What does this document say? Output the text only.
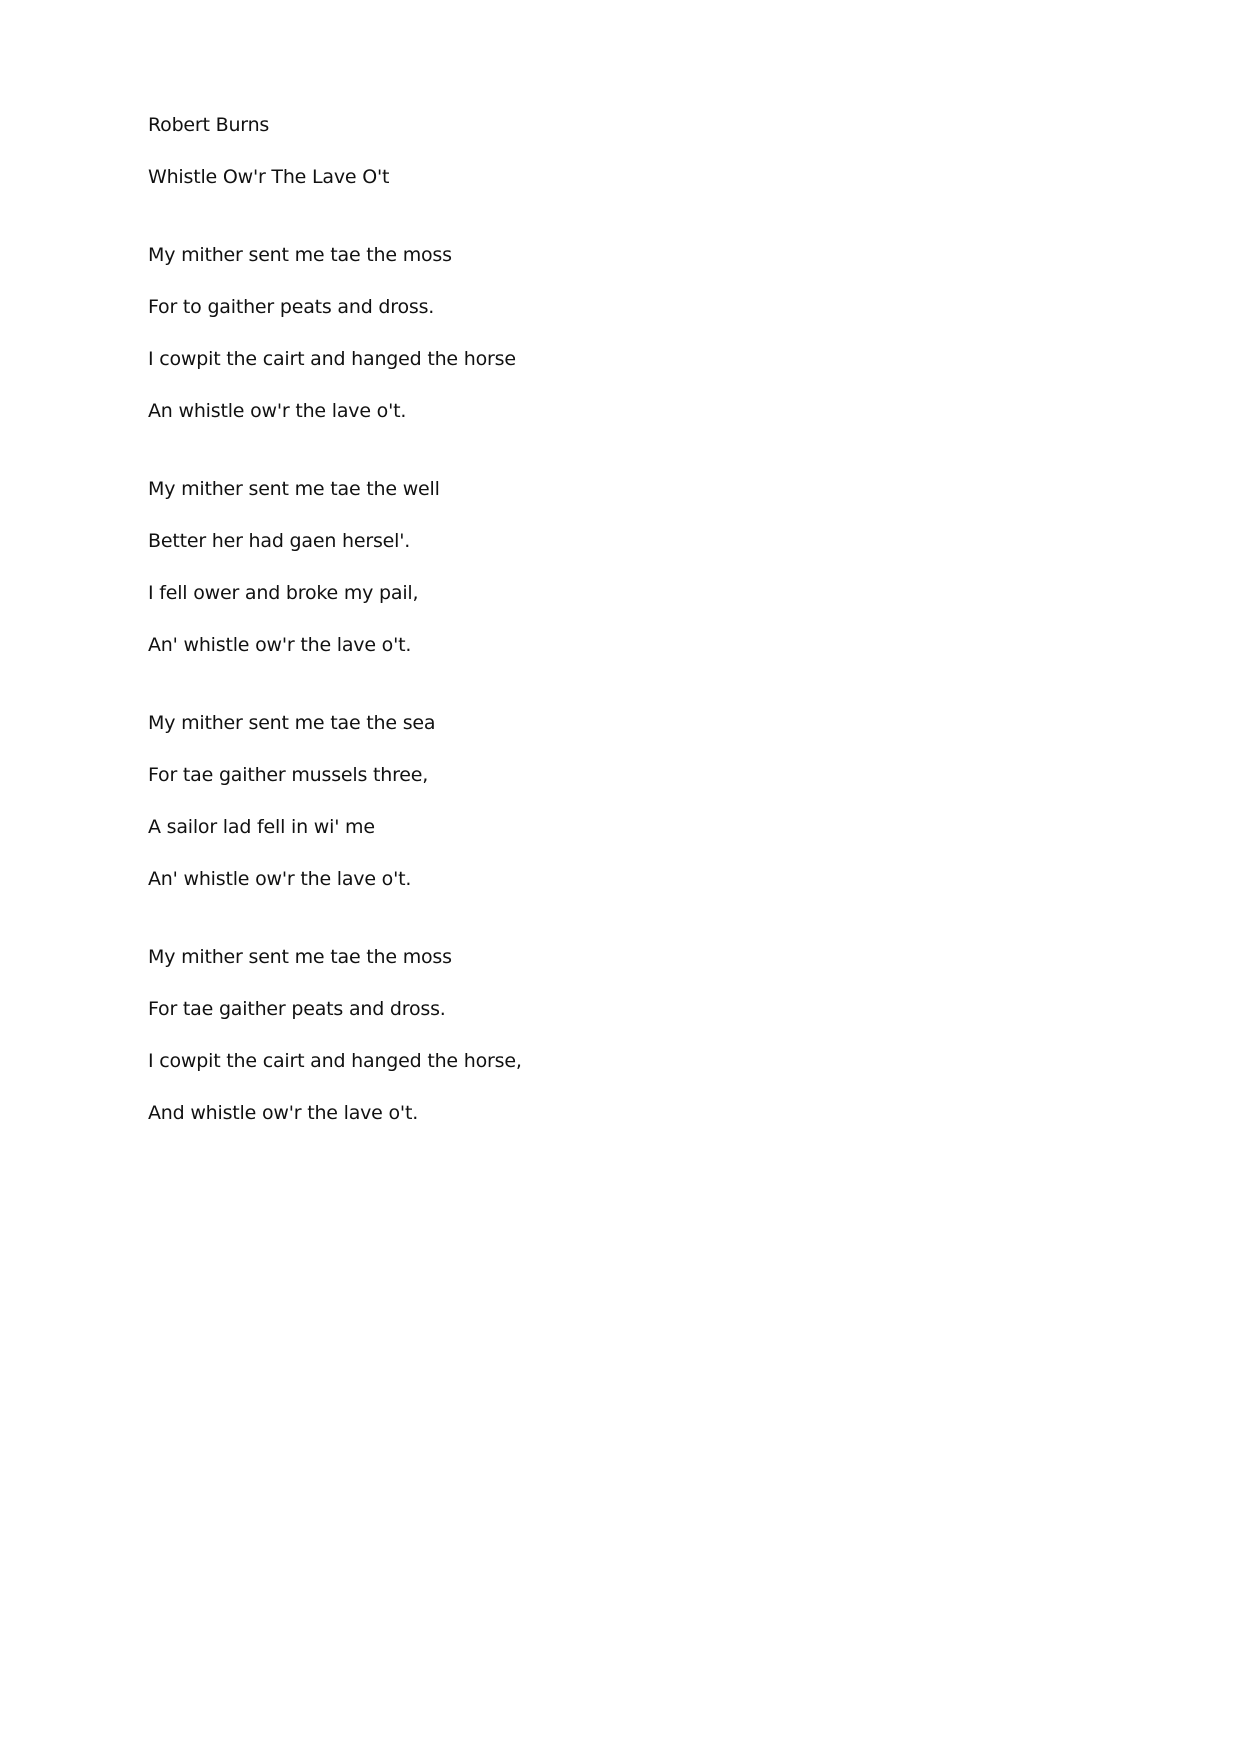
Robert Burns
Whistle Ow'r The Lave O't
My mither sent me tae the moss
For to gaither peats and dross.
I cowpit the cairt and hanged the horse
An whistle ow'r the lave o't.
My mither sent me tae the well
Better her had gaen hersel'.
I fell ower and broke my pail,
An' whistle ow'r the lave o't.
My mither sent me tae the sea
For tae gaither mussels three,
A sailor lad fell in wi' me
An' whistle ow'r the lave o't.
My mither sent me tae the moss
For tae gaither peats and dross.
I cowpit the cairt and hanged the horse,
And whistle ow'r the lave o't.
